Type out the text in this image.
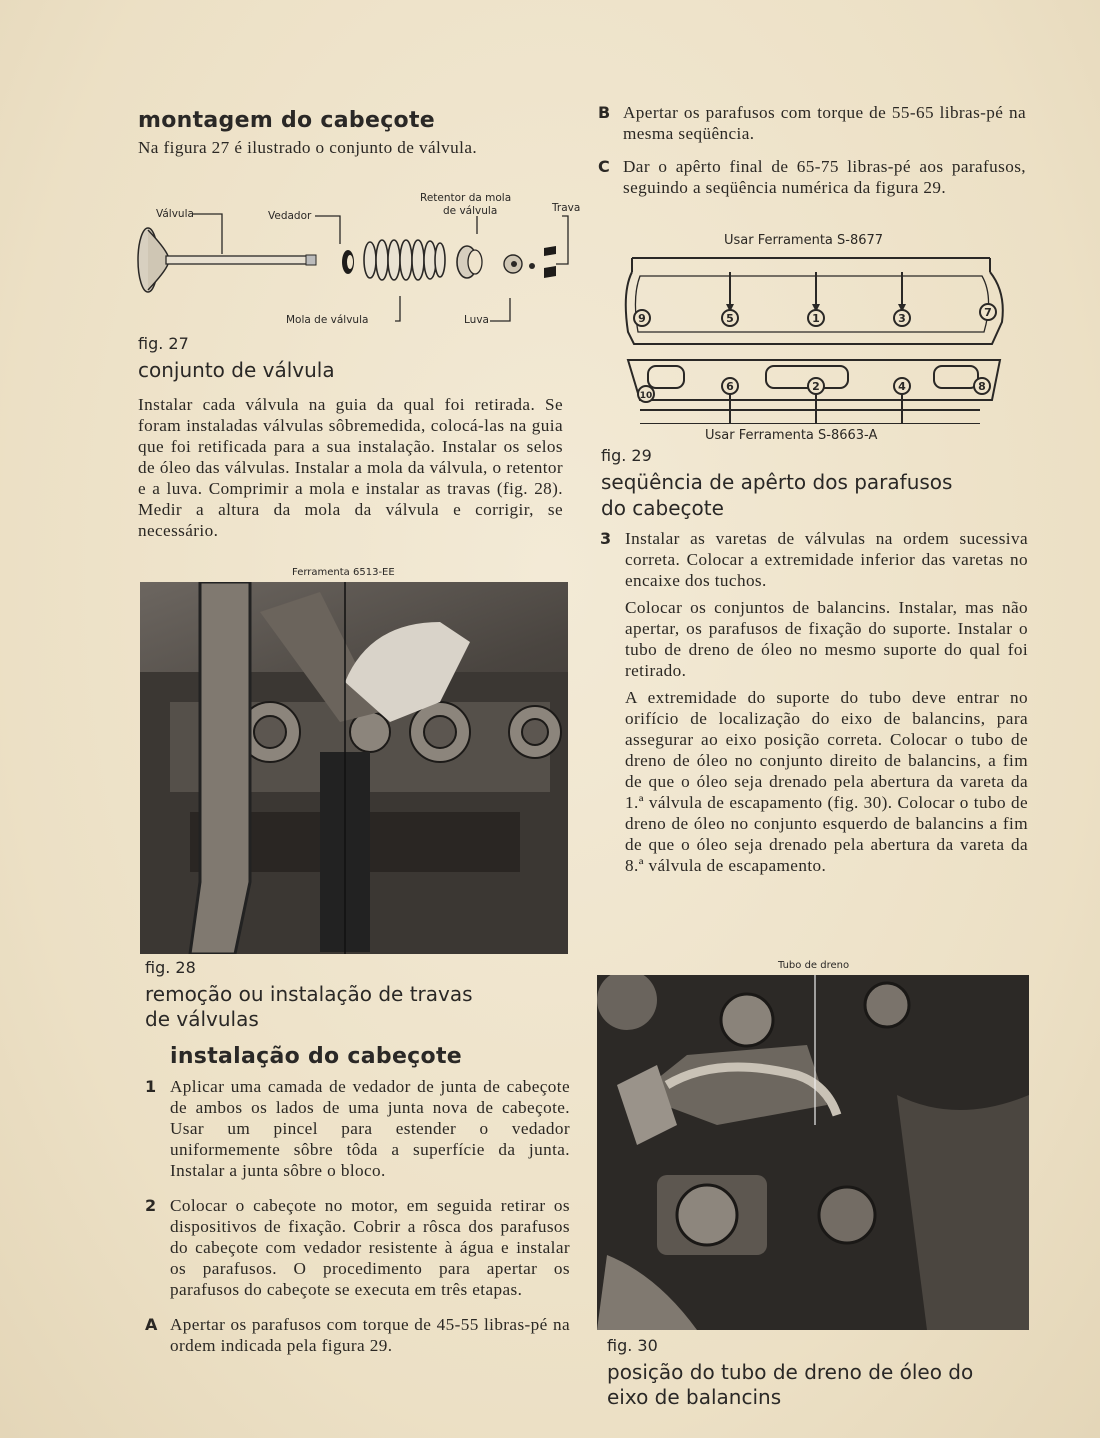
montagem do cabeçote
Na figura 27 é ilustrado o conjunto de válvula.
Válvula	Vedador
Retentor da mola
de válvula	Trava
Mola de válvula	Luva
fig. 27
conjunto de válvula
Instalar cada válvula na guia da qual foi retirada. Se foram instaladas válvulas sôbremedida, colocá-las na guia que foi retificada para a sua instalação. Instalar os selos de óleo das válvulas. Instalar a mola da válvula, o retentor e a luva. Comprimir a mola e instalar as travas (fig. 28). Medir a altura da mola da válvula e corrigir, se necessário.
Ferramenta 6513-EE
fig. 28
remoção ou instalação de travas
de válvulas
instalação do cabeçote
1 Aplicar uma camada de vedador de junta de cabeçote de ambos os lados de uma junta nova de cabeçote. Usar um pincel para estender o vedador uniformemente sôbre tôda a superfície da junta. Instalar a junta sôbre o bloco.
2 Colocar o cabeçote no motor, em seguida retirar os dispositivos de fixação. Cobrir a rôsca dos parafusos do cabeçote com vedador resistente à água e instalar os parafusos. O procedimento para apertar os parafusos do cabeçote se executa em três etapas.
A Apertar os parafusos com torque de 45-55 libras-pé na ordem indicada pela figura 29.
B Apertar os parafusos com torque de 55-65 libras-pé na mesma seqüência.
C Dar o apêrto final de 65-75 libras-pé aos parafusos, seguindo a seqüência numérica da figura 29.
Usar Ferramenta S-8677
9	5	1	3	7
10
6	2	4	8
Usar Ferramenta S-8663-A
fig. 29
seqüência de apêrto dos parafusos
do cabeçote
3 Instalar as varetas de válvulas na ordem sucessiva correta. Colocar a extremidade inferior das varetas no encaixe dos tuchos.

Colocar os conjuntos de balancins. Instalar, mas não apertar, os parafusos de fixação do suporte. Instalar o tubo de dreno de óleo no mesmo suporte do qual foi retirado.

A extremidade do suporte do tubo deve entrar no orifício de localização do eixo de balancins, para assegurar ao eixo posição correta. Colocar o tubo de dreno de óleo no conjunto direito de balancins, a fim de que o óleo seja drenado pela abertura da vareta da 1.ª válvula de escapamento (fig. 30). Colocar o tubo de dreno de óleo no conjunto esquerdo de balancins a fim de que o óleo seja drenado pela abertura da vareta da 8.ª válvula de escapamento.

Tubo de dreno
fig. 30
posição do tubo de dreno de óleo do
eixo de balancins
